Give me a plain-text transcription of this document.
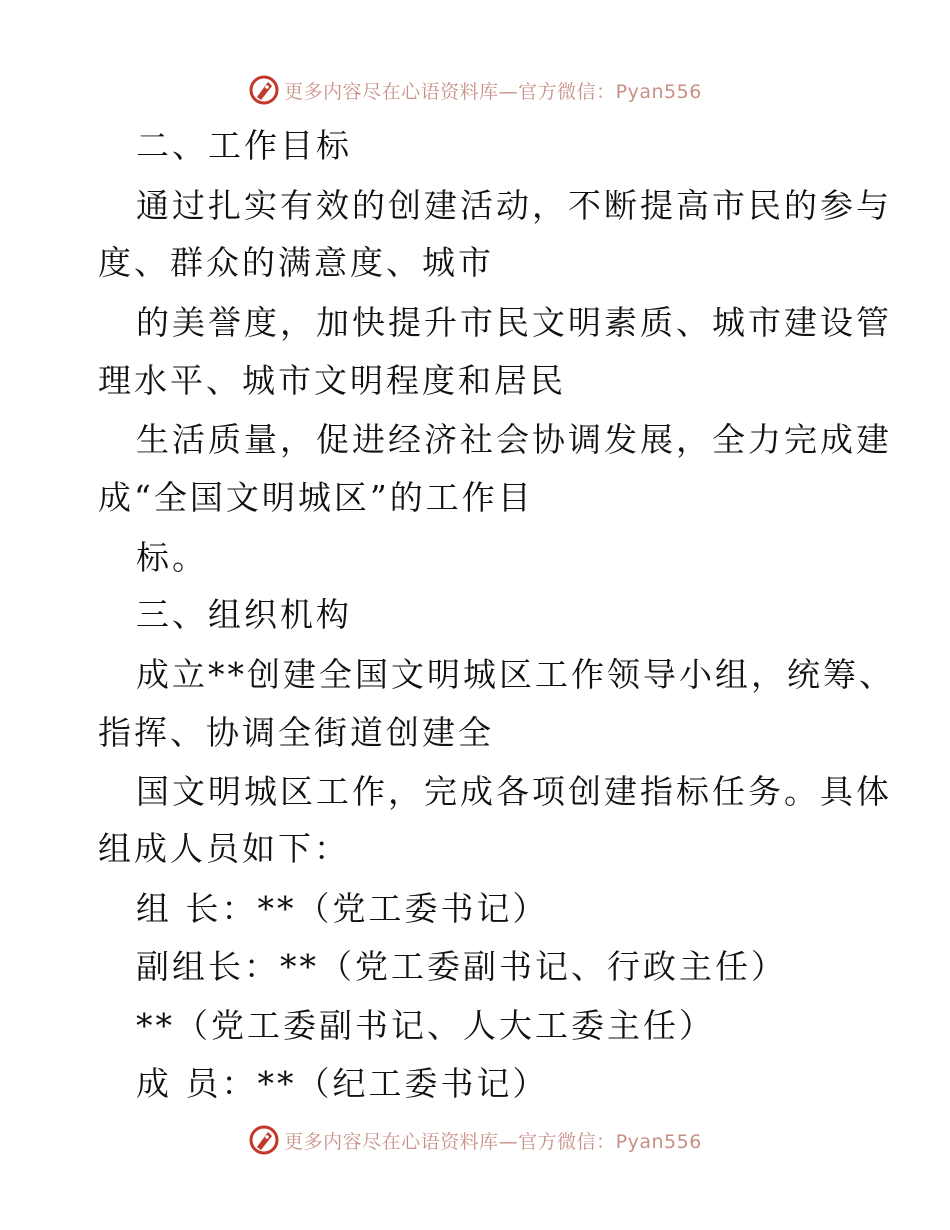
更多内容尽在心语资料库—官方微信：Pyan556
二、工作目标
通过扎实有效的创建活动，不断提高市民的参与
度、群众的满意度、城市
的美誉度，加快提升市民文明素质、城市建设管
理水平、城市文明程度和居民
生活质量，促进经济社会协调发展，全力完成建
成“全国文明城区”的工作目
标。
三、组织机构
成立**创建全国文明城区工作领导小组，统筹、
指挥、协调全街道创建全
国文明城区工作，完成各项创建指标任务。具体
组成人员如下：
组 长：**（党工委书记）
副组长：**（党工委副书记、行政主任）
**（党工委副书记、人大工委主任）
成 员：**（纪工委书记）
更多内容尽在心语资料库—官方微信：Pyan556
